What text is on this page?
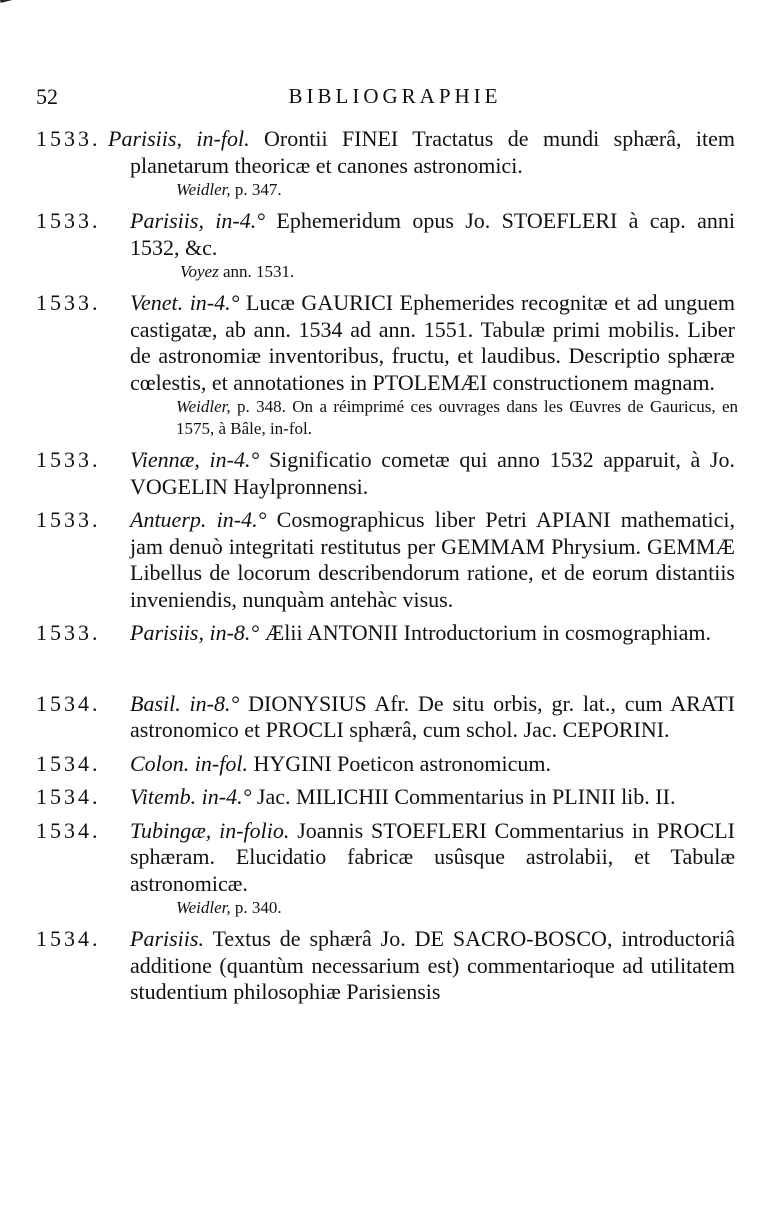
52	BIBLIOGRAPHIE
1533. Parisiis, in-fol. Orontii FINEI Tractatus de mundi sphærâ, item planetarum theoricæ et canones astronomici.

Weidler, p. 347.
1533. Parisiis, in-4.° Ephemeridum opus Jo. STOEFLERI à cap. anni 1532, &c.

Voyez ann. 1531.
1533. Venet. in-4.° Lucæ GAURICI Ephemerides recognitæ et ad unguem castigatæ, ab ann. 1534 ad ann. 1551. Tabulæ primi mobilis. Liber de astronomiæ inventoribus, fructu, et laudibus. Descriptio sphæræ cœlestis, et annotationes in PTOLEMÆI constructionem magnam.

Weidler, p. 348. On a réimprimé ces ouvrages dans les Œuvres de Gauricus, en 1575, à Bâle, in-fol.
1533. Viennæ, in-4.° Significatio cometæ qui anno 1532 apparuit, à Jo. VOGELIN Haylpronnensi.

1533. Antuerp. in-4.° Cosmographicus liber Petri APIANI mathematici, jam denuò integritati restitutus per GEMMAM Phrysium. GEMMÆ Libellus de locorum describendorum ratione, et de eorum distantiis inveniendis, nunquàm antehàc visus.

1533. Parisiis, in-8.° Ælii ANTONII Introductorium in cosmographiam.

1534. Basil. in-8.° DIONYSIUS Afr. De situ orbis, gr. lat., cum ARATI astronomico et PROCLI sphærâ, cum schol. Jac. CEPORINI.

1534. Colon. in-fol. HYGINI Poeticon astronomicum.

1534. Vitemb. in-4.° Jac. MILICHII Commentarius in PLINII lib. II.

1534. Tubingæ, in-folio. Joannis STOEFLERI Commentarius in PROCLI sphæram. Elucidatio fabricæ usûsque astrolabii, et Tabulæ astronomicæ.

Weidler, p. 340.
1534. Parisiis. Textus de sphærâ Jo. DE SACRO-BOSCO, introductoriâ additione (quantùm necessarium est) commentarioque ad utilitatem studentium philosophiæ Parisiensis
